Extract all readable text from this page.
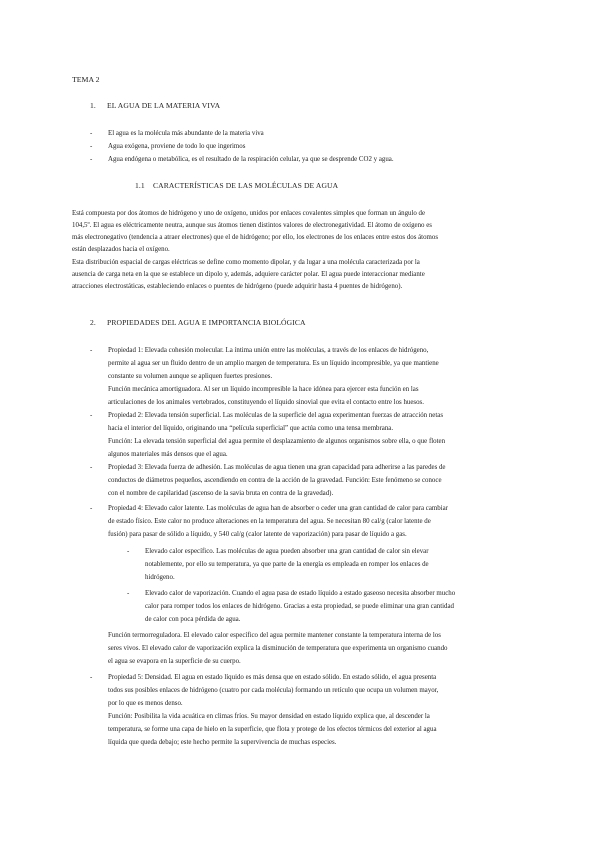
TEMA 2
1. EL AGUA DE LA MATERIA VIVA
- El agua es la molécula más abundante de la materia viva
- Agua exógena, proviene de todo lo que ingerimos
- Agua endógena o metabólica, es el resultado de la respiración celular, ya que se desprende CO2 y agua.
1.1 CARACTERÍSTICAS DE LAS MOLÉCULAS DE AGUA
Está compuesta por dos átomos de hidrógeno y uno de oxígeno, unidos por enlaces covalentes simples que forman un ángulo de
104,5º. El agua es eléctricamente neutra, aunque sus átomos tienen distintos valores de electronegatividad. El átomo de oxígeno es
más electronegativo (tendencia a atraer electrones) que el de hidrógeno; por ello, los electrones de los enlaces entre estos dos átomos
están desplazados hacia el oxígeno.
Esta distribución espacial de cargas eléctricas se define como momento dipolar, y da lugar a una molécula caracterizada por la
ausencia de carga neta en la que se establece un dipolo y, además, adquiere carácter polar. El agua puede interaccionar mediante
atracciones electrostáticas, estableciendo enlaces o puentes de hidrógeno (puede adquirir hasta 4 puentes de hidrógeno).
2. PROPIEDADES DEL AGUA E IMPORTANCIA BIOLÓGICA
- Propiedad 1: Elevada cohesión molecular. La íntima unión entre las moléculas, a través de los enlaces de hidrógeno,
permite al agua ser un fluido dentro de un amplio margen de temperatura. Es un líquido incompresible, ya que mantiene
constante su volumen aunque se apliquen fuertes presiones.
Función mecánica amortiguadora. Al ser un líquido incompresible la hace idónea para ejercer esta función en las
articulaciones de los animales vertebrados, constituyendo el líquido sinovial que evita el contacto entre los huesos.
- Propiedad 2: Elevada tensión superficial. Las moléculas de la superficie del agua experimentan fuerzas de atracción netas
hacia el interior del líquido, originando una “película superficial” que actúa como una tensa membrana.
Función: La elevada tensión superficial del agua permite el desplazamiento de algunos organismos sobre ella, o que floten
algunos materiales más densos que el agua.
- Propiedad 3: Elevada fuerza de adhesión. Las moléculas de agua tienen una gran capacidad para adherirse a las paredes de
conductos de diámetros pequeños, ascendiendo en contra de la acción de la gravedad. Función: Este fenómeno se conoce
con el nombre de capilaridad (ascenso de la savia bruta en contra de la gravedad).
- Propiedad 4: Elevado calor latente. Las moléculas de agua han de absorber o ceder una gran cantidad de calor para cambiar
de estado físico. Este calor no produce alteraciones en la temperatura del agua. Se necesitan 80 cal/g (calor latente de
fusión) para pasar de sólido a líquido, y 540 cal/g (calor latente de vaporización) para pasar de líquido a gas.
- Elevado calor específico. Las moléculas de agua pueden absorber una gran cantidad de calor sin elevar
notablemente, por ello su temperatura, ya que parte de la energía es empleada en romper los enlaces de
hidrógeno.
- Elevado calor de vaporización. Cuando el agua pasa de estado líquido a estado gaseoso necesita absorber mucho
calor para romper todos los enlaces de hidrógeno. Gracias a esta propiedad, se puede eliminar una gran cantidad
de calor con poca pérdida de agua.
Función termorreguladora. El elevado calor específico del agua permite mantener constante la temperatura interna de los
seres vivos. El elevado calor de vaporización explica la disminución de temperatura que experimenta un organismo cuando
el agua se evapora en la superficie de su cuerpo.
- Propiedad 5: Densidad. El agua en estado líquido es más densa que en estado sólido. En estado sólido, el agua presenta
todos sus posibles enlaces de hidrógeno (cuatro por cada molécula) formando un retículo que ocupa un volumen mayor,
por lo que es menos denso.
Función: Posibilita la vida acuática en climas fríos. Su mayor densidad en estado líquido explica que, al descender la
temperatura, se forme una capa de hielo en la superficie, que flota y protege de los efectos térmicos del exterior al agua
líquida que queda debajo; este hecho permite la supervivencia de muchas especies.
